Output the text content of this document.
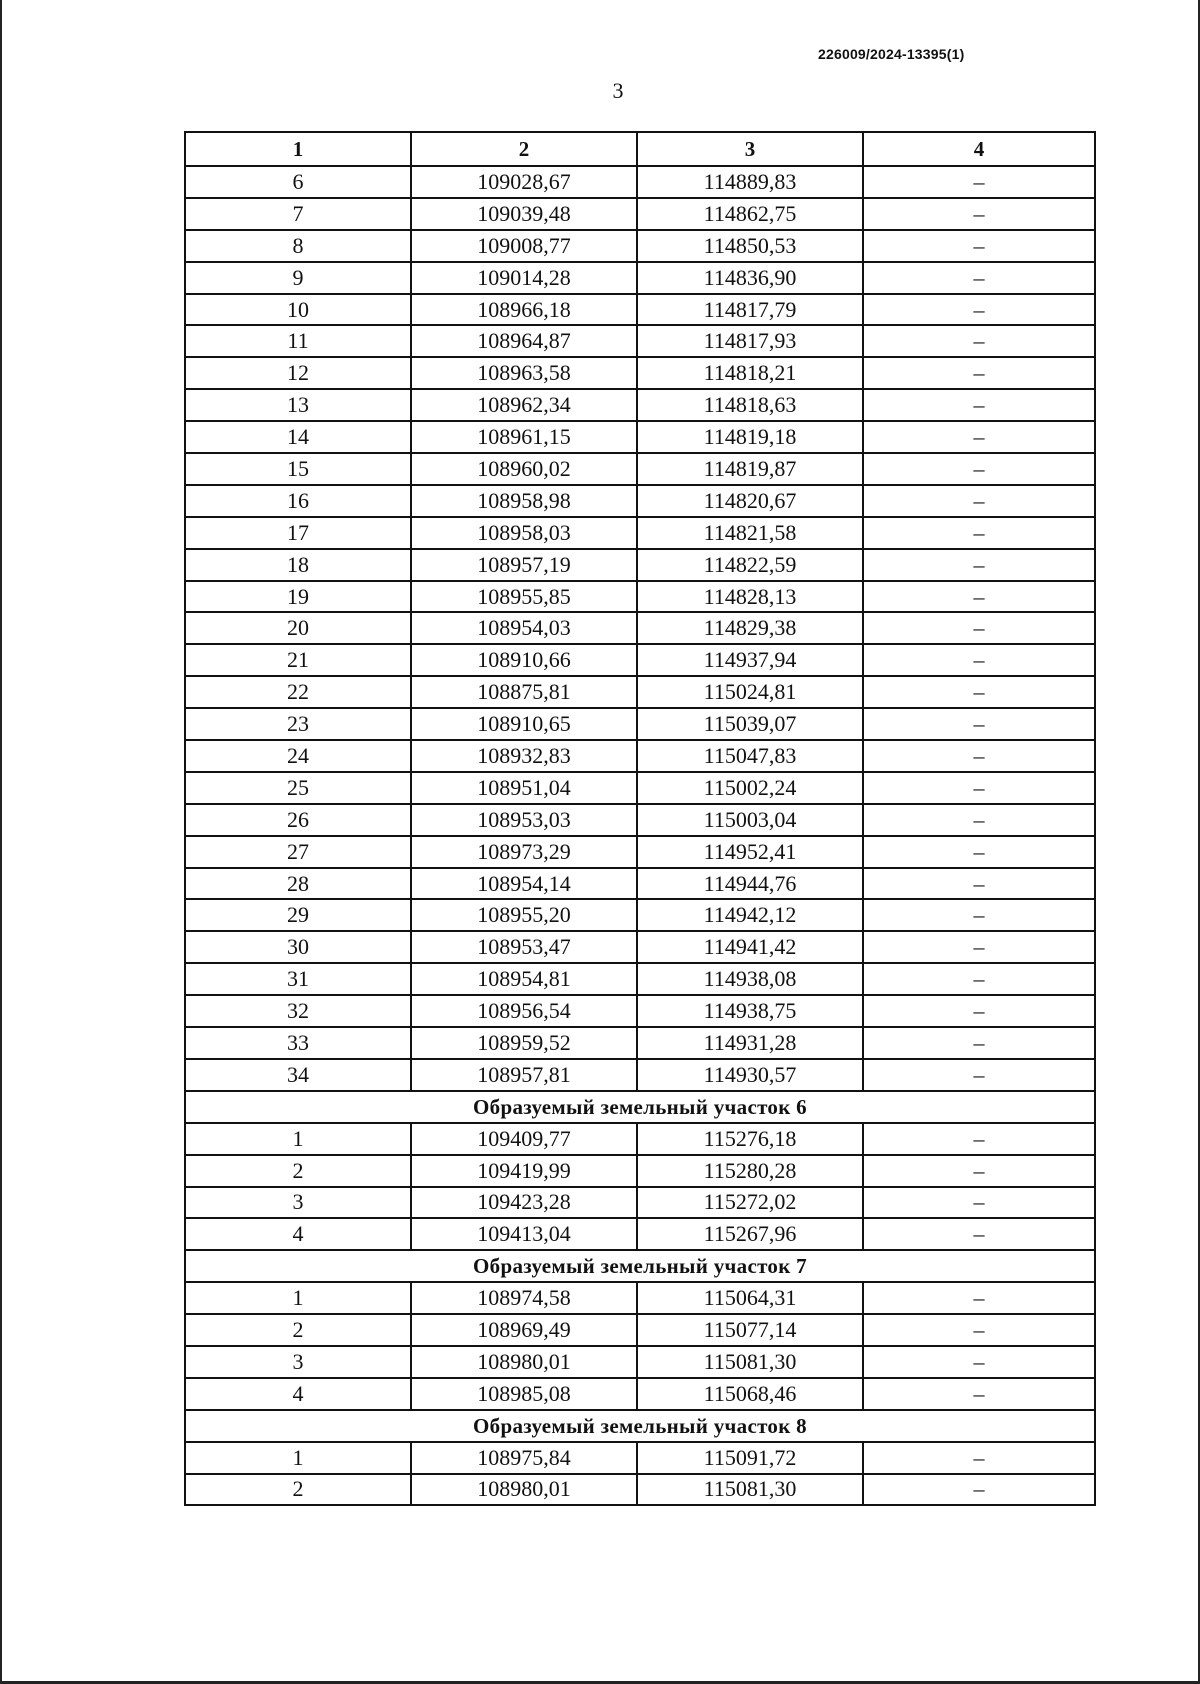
226009/2024-13395(1)
3
1	2	3	4
6	109028,67	114889,83	–
7	109039,48	114862,75	–
8	109008,77	114850,53	–
9	109014,28	114836,90	–
10	108966,18	114817,79	–
11	108964,87	114817,93	–
12	108963,58	114818,21	–
13	108962,34	114818,63	–
14	108961,15	114819,18	–
15	108960,02	114819,87	–
16	108958,98	114820,67	–
17	108958,03	114821,58	–
18	108957,19	114822,59	–
19	108955,85	114828,13	–
20	108954,03	114829,38	–
21	108910,66	114937,94	–
22	108875,81	115024,81	–
23	108910,65	115039,07	–
24	108932,83	115047,83	–
25	108951,04	115002,24	–
26	108953,03	115003,04	–
27	108973,29	114952,41	–
28	108954,14	114944,76	–
29	108955,20	114942,12	–
30	108953,47	114941,42	–
31	108954,81	114938,08	–
32	108956,54	114938,75	–
33	108959,52	114931,28	–
34	108957,81	114930,57	–
Образуемый земельный участок 6			
1	109409,77	115276,18	–
2	109419,99	115280,28	–
3	109423,28	115272,02	–
4	109413,04	115267,96	–
Образуемый земельный участок 7			
1	108974,58	115064,31	–
2	108969,49	115077,14	–
3	108980,01	115081,30	–
4	108985,08	115068,46	–
Образуемый земельный участок 8			
1	108975,84	115091,72	–
2	108980,01	115081,30	–
